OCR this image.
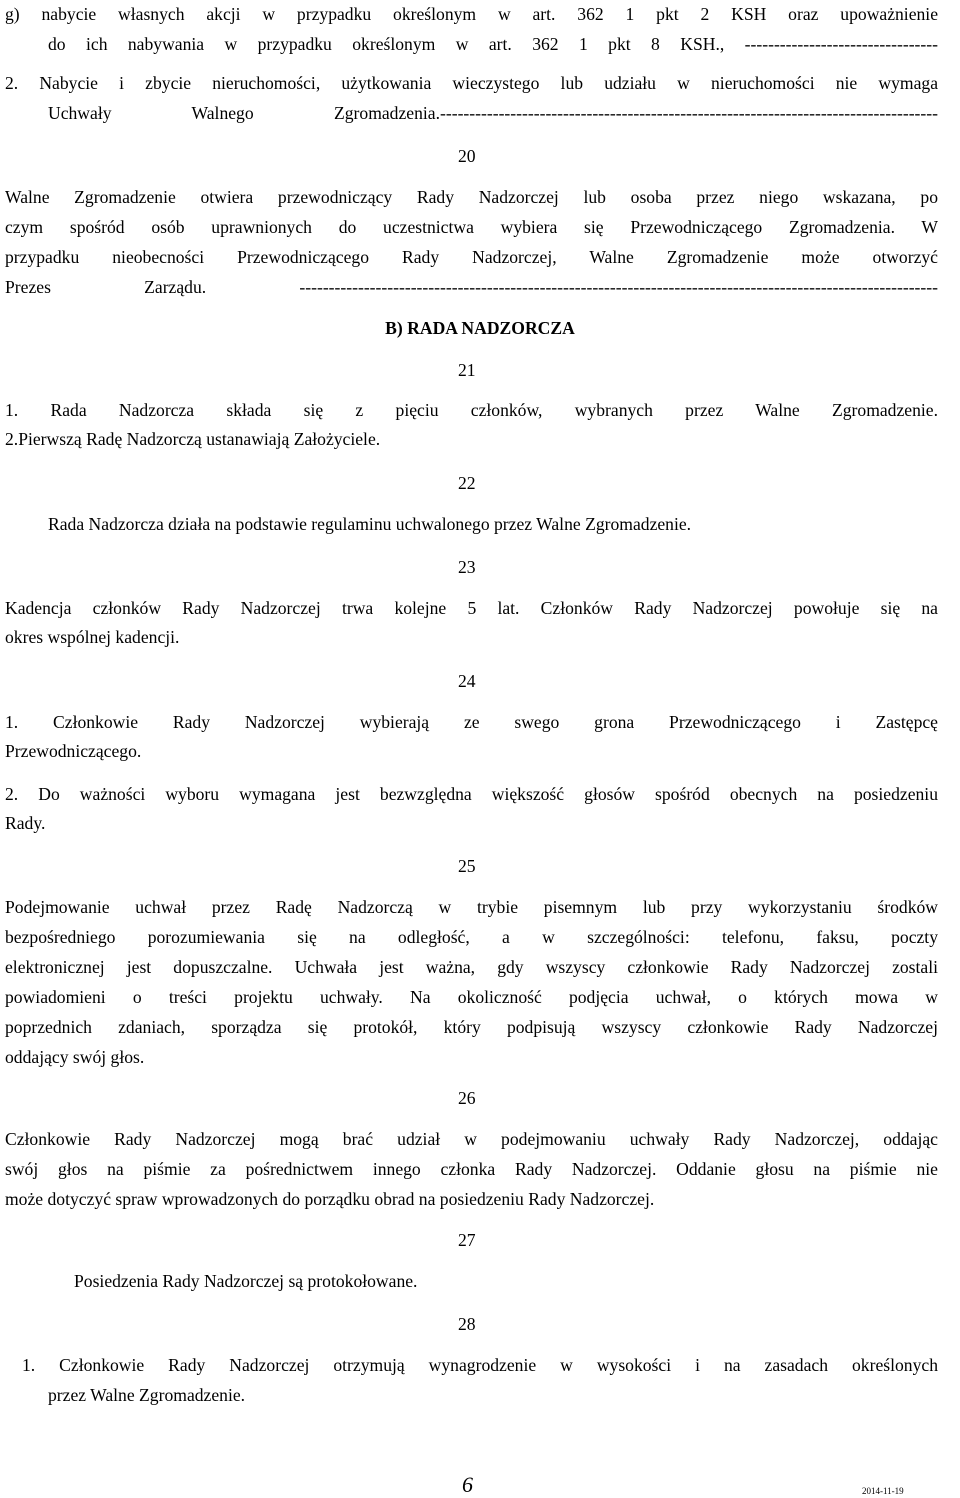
g) nabycie własnych akcji w przypadku określonym w art. 362 1 pkt 2 KSH oraz upoważnienie
do ich nabywania w przypadku określonym w art. 362 1 pkt 8 KSH., ---------------------------------
2. Nabycie i zbycie nieruchomości, użytkowania wieczystego lub udziału w nieruchomości nie wymaga
Uchwały Walnego Zgromadzenia.-------------------------------------------------------------------------------------
20
Walne Zgromadzenie otwiera przewodniczący Rady Nadzorczej lub osoba przez niego wskazana, po
czym spośród osób uprawnionych do uczestnictwa wybiera się Przewodniczącego Zgromadzenia. W
przypadku nieobecności Przewodniczącego Rady Nadzorczej, Walne Zgromadzenie może otworzyć
Prezes Zarządu. -------------------------------------------------------------------------------------------------------------
B) RADA NADZORCZA
21
1. Rada Nadzorcza składa się z pięciu członków, wybranych przez Walne Zgromadzenie.
2.Pierwszą Radę Nadzorczą ustanawiają Założyciele.
22
Rada Nadzorcza działa na podstawie regulaminu uchwalonego przez Walne Zgromadzenie.
23
Kadencja członków Rady Nadzorczej trwa kolejne 5 lat. Członków Rady Nadzorczej powołuje się na
okres wspólnej kadencji.
24
1. Członkowie Rady Nadzorczej wybierają ze swego grona Przewodniczącego i Zastępcę
Przewodniczącego.
2. Do ważności wyboru wymagana jest bezwzględna większość głosów spośród obecnych na posiedzeniu
Rady.
25
Podejmowanie uchwał przez Radę Nadzorczą w trybie pisemnym lub przy wykorzystaniu środków
bezpośredniego porozumiewania się na odległość, a w szczególności: telefonu, faksu, poczty
elektronicznej jest dopuszczalne. Uchwała jest ważna, gdy wszyscy członkowie Rady Nadzorczej zostali
powiadomieni o treści projektu uchwały. Na okoliczność podjęcia uchwał, o których mowa w
poprzednich zdaniach, sporządza się protokół, który podpisują wszyscy członkowie Rady Nadzorczej
oddający swój głos.
26
Członkowie Rady Nadzorczej mogą brać udział w podejmowaniu uchwały Rady Nadzorczej, oddając
swój głos na piśmie za pośrednictwem innego członka Rady Nadzorczej. Oddanie głosu na piśmie nie
może dotyczyć spraw wprowadzonych do porządku obrad na posiedzeniu Rady Nadzorczej.
27
Posiedzenia Rady Nadzorczej są protokołowane.
28
1. Członkowie Rady Nadzorczej otrzymują wynagrodzenie w wysokości i na zasadach określonych
przez Walne Zgromadzenie.
6	2014-11-19
